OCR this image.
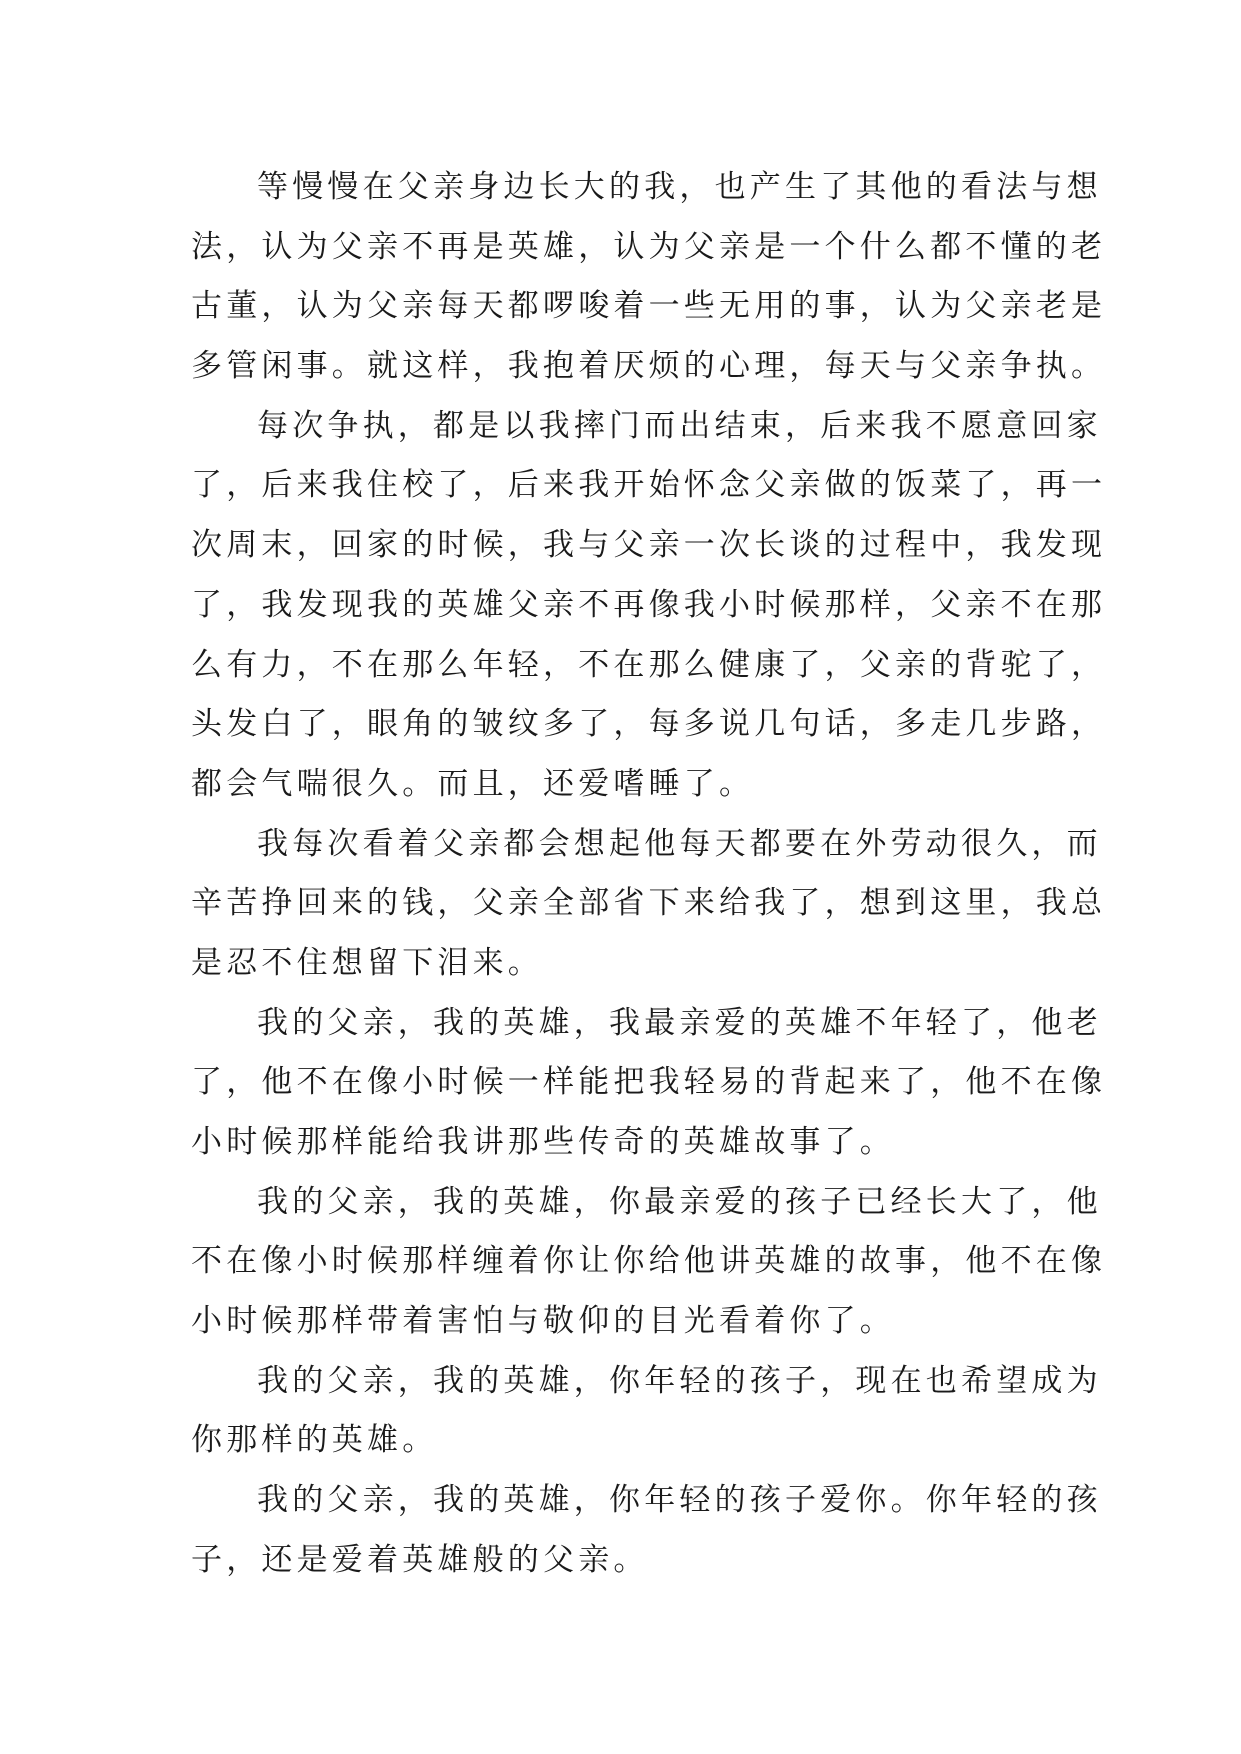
等慢慢在父亲身边长大的我，也产生了其他的看法与想
法，认为父亲不再是英雄，认为父亲是一个什么都不懂的老
古董，认为父亲每天都啰唆着一些无用的事，认为父亲老是
多管闲事。就这样，我抱着厌烦的心理，每天与父亲争执。
每次争执，都是以我摔门而出结束，后来我不愿意回家
了，后来我住校了，后来我开始怀念父亲做的饭菜了，再一
次周末，回家的时候，我与父亲一次长谈的过程中，我发现
了，我发现我的英雄父亲不再像我小时候那样，父亲不在那
么有力，不在那么年轻，不在那么健康了，父亲的背驼了，
头发白了，眼角的皱纹多了，每多说几句话，多走几步路，
都会气喘很久。而且，还爱嗜睡了。
我每次看着父亲都会想起他每天都要在外劳动很久，而
辛苦挣回来的钱，父亲全部省下来给我了，想到这里，我总
是忍不住想留下泪来。
我的父亲，我的英雄，我最亲爱的英雄不年轻了，他老
了，他不在像小时候一样能把我轻易的背起来了，他不在像
小时候那样能给我讲那些传奇的英雄故事了。
我的父亲，我的英雄，你最亲爱的孩子已经长大了，他
不在像小时候那样缠着你让你给他讲英雄的故事，他不在像
小时候那样带着害怕与敬仰的目光看着你了。
我的父亲，我的英雄，你年轻的孩子，现在也希望成为
你那样的英雄。
我的父亲，我的英雄，你年轻的孩子爱你。你年轻的孩
子，还是爱着英雄般的父亲。
